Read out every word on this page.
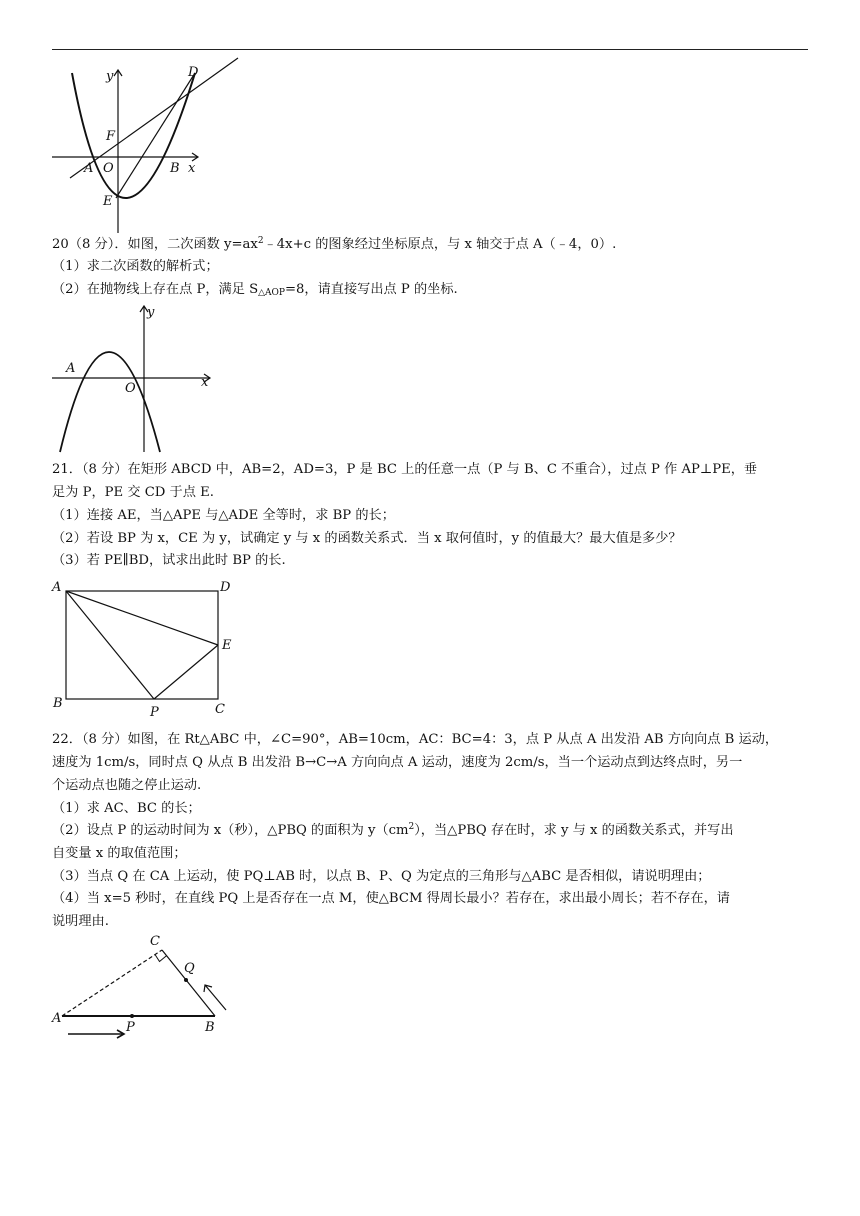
y	D
F
A O	B x
E
20（8 分）．如图，二次函数 $y=ax^2﹣4x+c$ 的图象经过坐标原点，与 x 轴交于点 A（﹣4，0）.
（1）求二次函数的解析式；
（2）在抛物线上存在点 P，满足 $S_{\triangle AOP}=8$，请直接写出点 P 的坐标.
y
A
O	x
21．（8 分）在矩形 ABCD 中，AB=2，AD=3，P 是 BC 上的任意一点（P 与 B、C 不重合），过点 P 作 AP⊥PE，垂
足为 P，PE 交 CD 于点 E.
（1）连接 AE，当△APE 与△ADE 全等时，求 BP 的长；
（2）若设 BP 为 x，CE 为 y，试确定 y 与 x 的函数关系式．当 x 取何值时，y 的值最大？最大值是多少？
（3）若 PE∥BD，试求出此时 BP 的长.
A	D
E
B
P	C
22．（8 分）如图，在 Rt△ABC 中，∠C=90°，AB=10cm，AC：BC=4：3，点 P 从点 A 出发沿 AB 方向向点 B 运动，
速度为 1cm/s，同时点 Q 从点 B 出发沿 B→C→A 方向向点 A 运动，速度为 2cm/s，当一个运动点到达终点时，另一
个运动点也随之停止运动.
（1）求 AC、BC 的长；
（2）设点 P 的运动时间为 x（秒），△PBQ 的面积为 $y(cm^2)$，当△PBQ 存在时，求 y 与 x 的函数关系式，并写出
自变量 x 的取值范围；
（3）当点 Q 在 CA 上运动，使 PQ⊥AB 时，以点 B、P、Q 为定点的三角形与△ABC 是否相似，请说明理由；
（4）当 x=5 秒时，在直线 PQ 上是否存在一点 M，使△BCM 得周长最小？若存在，求出最小周长；若不存在，请
说明理由.
C
Q
A
P	B
